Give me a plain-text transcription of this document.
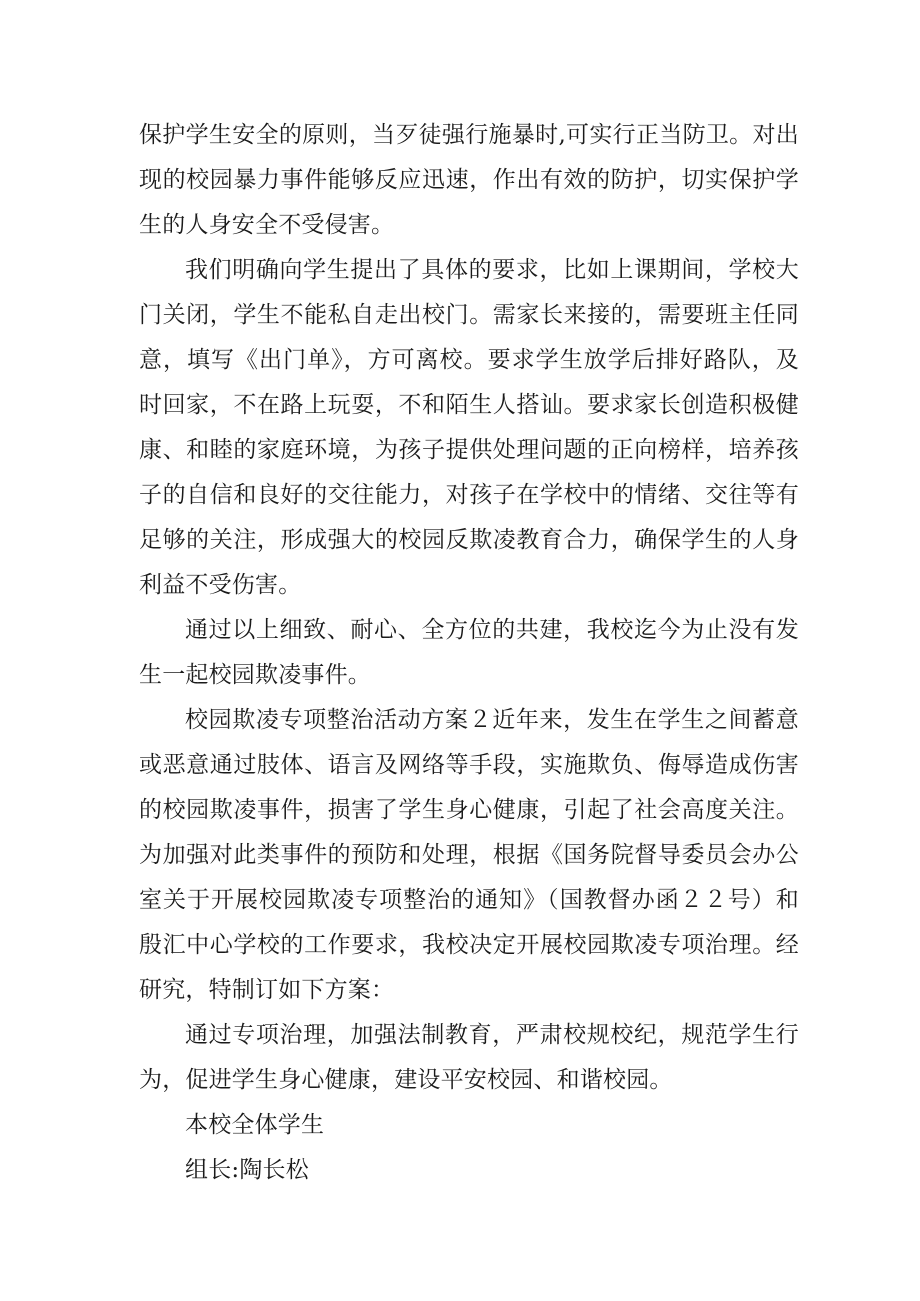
保护学生安全的原则，当歹徒强行施暴时,可实行正当防卫。对出现的校园暴力事件能够反应迅速，作出有效的防护，切实保护学生的人身安全不受侵害。

我们明确向学生提出了具体的要求，比如上课期间，学校大门关闭，学生不能私自走出校门。需家长来接的，需要班主任同意，填写《出门单》，方可离校。要求学生放学后排好路队，及时回家，不在路上玩耍，不和陌生人搭讪。要求家长创造积极健康、和睦的家庭环境，为孩子提供处理问题的正向榜样，培养孩子的自信和良好的交往能力，对孩子在学校中的情绪、交往等有足够的关注，形成强大的校园反欺凌教育合力，确保学生的人身利益不受伤害。

通过以上细致、耐心、全方位的共建，我校迄今为止没有发生一起校园欺凌事件。

校园欺凌专项整治活动方案２近年来，发生在学生之间蓄意或恶意通过肢体、语言及网络等手段，实施欺负、侮辱造成伤害的校园欺凌事件，损害了学生身心健康，引起了社会高度关注。为加强对此类事件的预防和处理，根据《国务院督导委员会办公室关于开展校园欺凌专项整治的通知》（国教督办函２２号）和殷汇中心学校的工作要求，我校决定开展校园欺凌专项治理。经研究，特制订如下方案：

通过专项治理，加强法制教育，严肃校规校纪，规范学生行为，促进学生身心健康，建设平安校园、和谐校园。

本校全体学生

组长:陶长松
